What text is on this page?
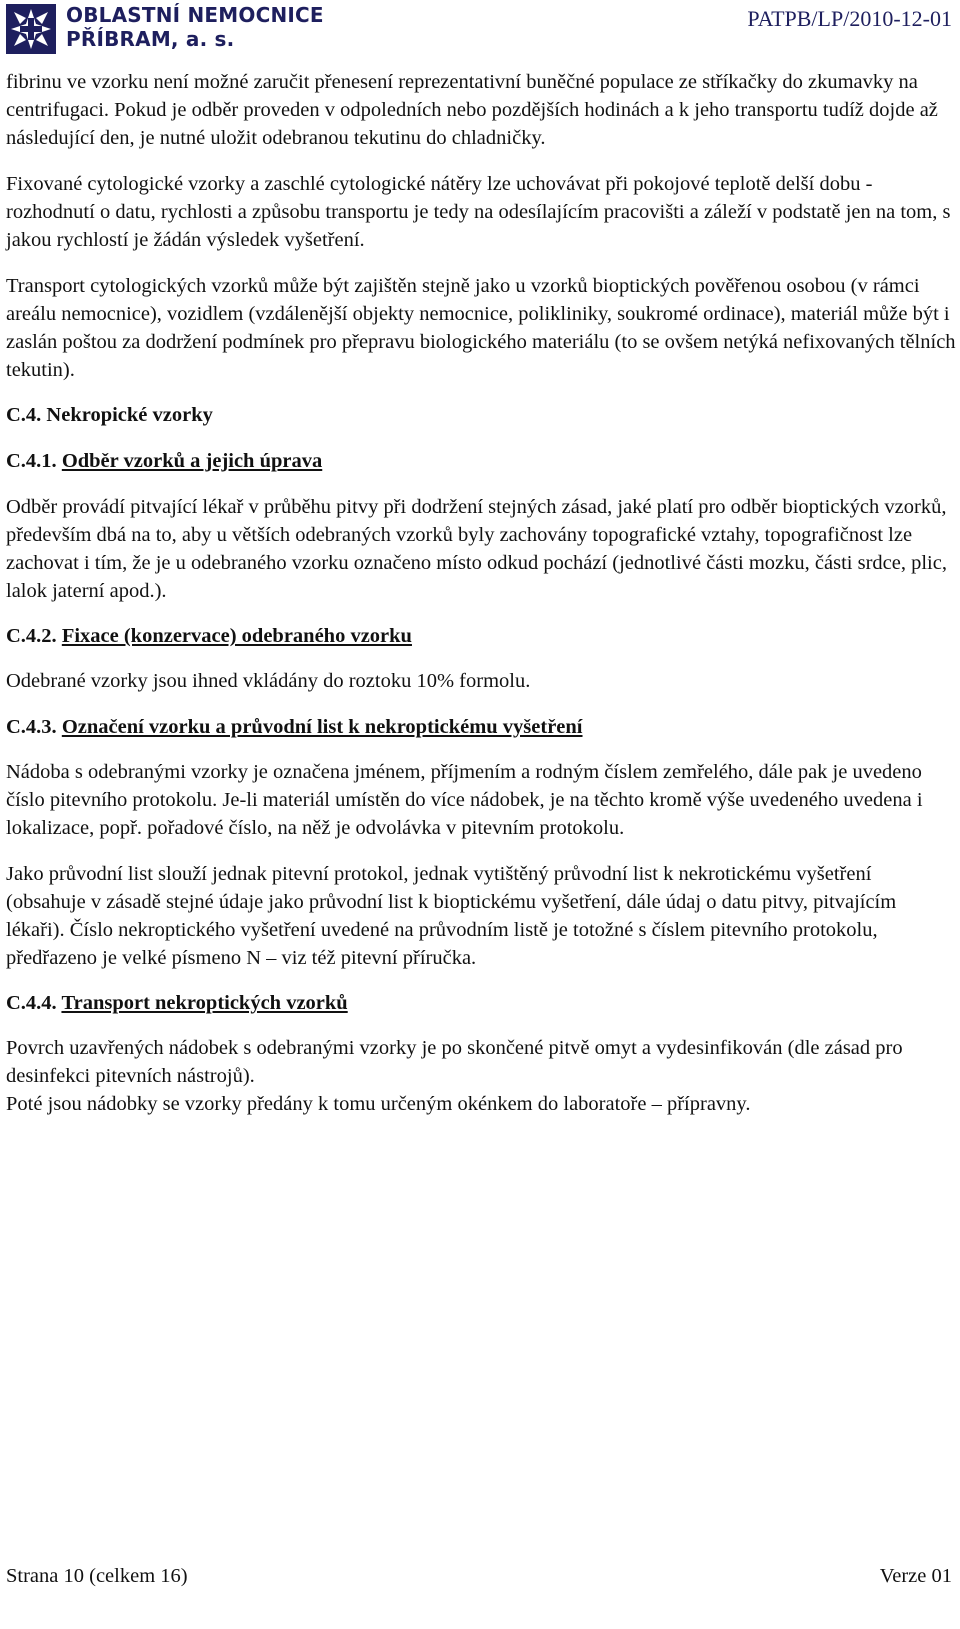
OBLASTNÍ NEMOCNICE
PŘÍBRAM, a. s.
PATPB/LP/2010-12-01

fibrinu ve vzorku není možné zaručit přenesení reprezentativní buněčné populace ze stříkačky do zkumavky na centrifugaci. Pokud je odběr proveden v odpoledních nebo pozdějších hodinách a k jeho transportu tudíž dojde až následující den, je nutné uložit odebranou tekutinu do chladničky.

Fixované cytologické vzorky a zaschlé cytologické nátěry lze uchovávat při pokojové teplotě delší dobu - rozhodnutí o datu, rychlosti a způsobu transportu je tedy na odesílajícím pracovišti a záleží v podstatě jen na tom, s jakou rychlostí je žádán výsledek vyšetření.

Transport cytologických vzorků může být zajištěn stejně jako u vzorků bioptických pověřenou osobou (v rámci areálu nemocnice), vozidlem (vzdálenější objekty nemocnice, polikliniky, soukromé ordinace), materiál může být i zaslán poštou za dodržení podmínek pro přepravu biologického materiálu (to se ovšem netýká nefixovaných tělních tekutin).

C.4. Nekropické vzorky
C.4.1. Odběr vzorků a jejich úprava

Odběr provádí pitvající lékař v průběhu pitvy při dodržení stejných zásad, jaké platí pro odběr bioptických vzorků, především dbá na to, aby u větších odebraných vzorků byly zachovány topografické vztahy, topografičnost lze zachovat i tím, že je u odebraného vzorku označeno místo odkud pochází (jednotlivé části mozku, části srdce, plic, lalok jaterní apod.).

C.4.2. Fixace (konzervace) odebraného vzorku

Odebrané vzorky jsou ihned vkládány do roztoku 10% formolu.

C.4.3. Označení vzorku a průvodní list k nekroptickému vyšetření

Nádoba s odebranými vzorky je označena jménem, příjmením a rodným číslem zemřelého, dále pak je uvedeno číslo pitevního protokolu. Je-li materiál umístěn do více nádobek, je na těchto kromě výše uvedeného uvedena i lokalizace, popř. pořadové číslo, na něž je odvolávka v pitevním protokolu.

Jako průvodní list slouží jednak pitevní protokol, jednak vytištěný průvodní list k nekrotickému vyšetření (obsahuje v zásadě stejné údaje jako průvodní list k bioptickému vyšetření, dále údaj o datu pitvy, pitvajícím lékaři). Číslo nekroptického vyšetření uvedené na průvodním listě je totožné s číslem pitevního protokolu, předřazeno je velké písmeno N – viz též pitevní příručka.

C.4.4. Transport nekroptických vzorků

Povrch uzavřených nádobek s odebranými vzorky je po skončené pitvě omyt a vydesinfikován (dle zásad pro desinfekci pitevních nástrojů).

Poté jsou nádobky se vzorky předány k tomu určeným okénkem do laboratoře – přípravny.

Strana 10 (celkem 16)	Verze 01
